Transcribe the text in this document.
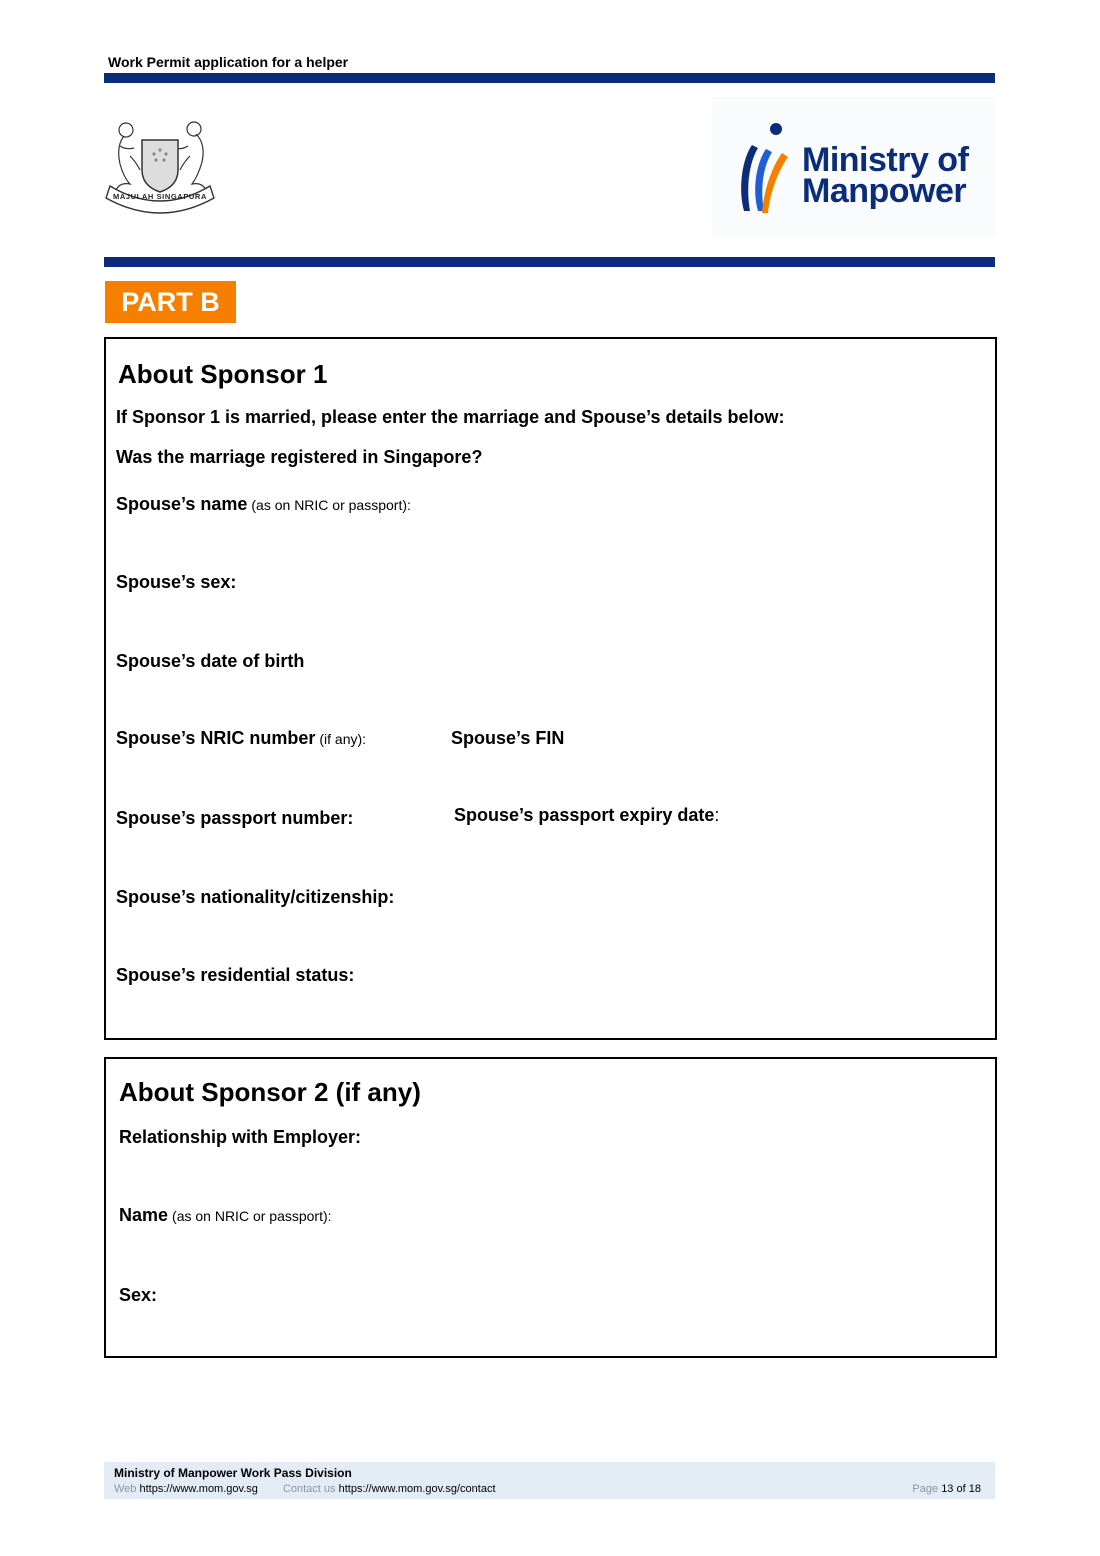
Work Permit application for a helper
MAJULAH SINGAPURA
Ministry of
Manpower
PART B
About Sponsor 1
If Sponsor 1 is married, please enter the marriage and Spouse’s details below:
Was the marriage registered in Singapore?
Spouse’s name (as on NRIC or passport):
Spouse’s sex:
Spouse’s date of birth
Spouse’s NRIC number (if any):	Spouse’s FIN
Spouse’s passport number:	Spouse’s passport expiry date:
Spouse’s nationality/citizenship:
Spouse’s residential status:
About Sponsor 2 (if any)
Relationship with Employer:
Name (as on NRIC or passport):
Sex:
Ministry of Manpower Work Pass Division
Web https://www.mom.gov.sg Contact us https://www.mom.gov.sg/contact	Page 13 of 18
